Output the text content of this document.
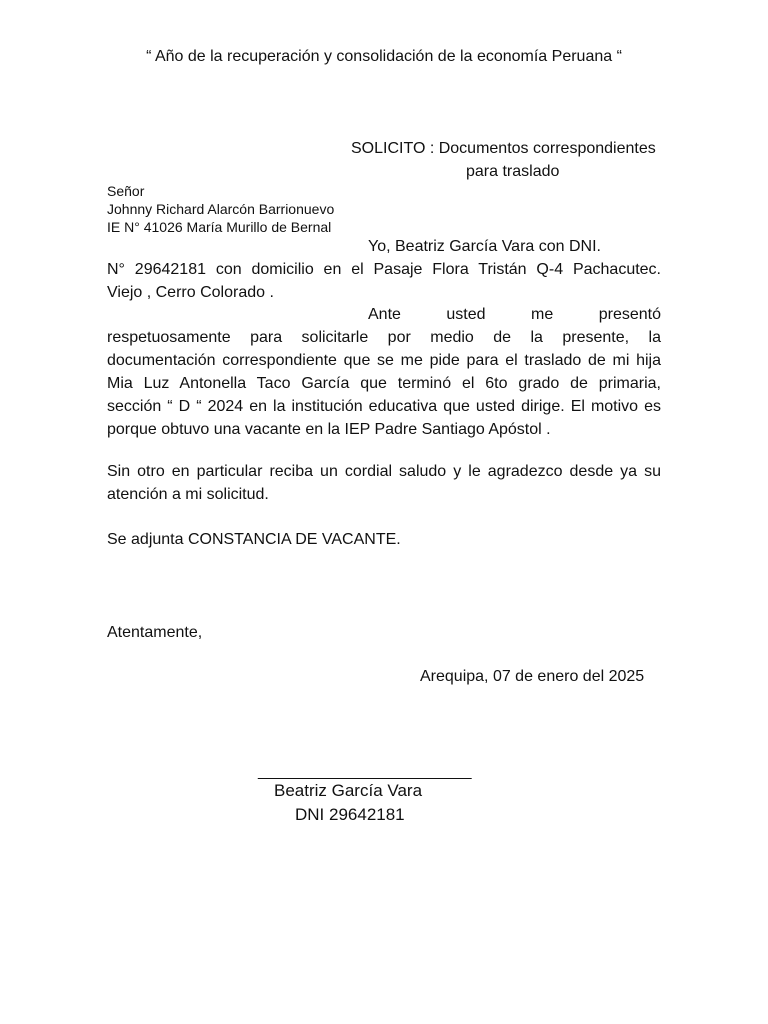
“ Año de la recuperación y consolidación de la economía Peruana “
SOLICITO : Documentos correspondientes
para traslado
Señor
Johnny Richard Alarcón Barrionuevo
IE N° 41026 María Murillo de Bernal
Yo, Beatriz García Vara con DNI.
N° 29642181 con domicilio en el Pasaje Flora Tristán Q-4 Pachacutec.
Viejo , Cerro Colorado .
Ante usted me presentó
respetuosamente para solicitarle por medio de la presente, la
documentación correspondiente que se me pide para el traslado de mi hija
Mia Luz Antonella Taco García que terminó el 6to grado de primaria,
sección “ D “ 2024 en la institución educativa que usted dirige. El motivo es
porque obtuvo una vacante en la IEP Padre Santiago Apóstol .
Sin otro en particular reciba un cordial saludo y le agradezco desde ya su
atención a mi solicitud.
Se adjunta CONSTANCIA DE VACANTE.
Atentamente,
Arequipa, 07 de enero del 2025
________________________
Beatriz García Vara
DNI 29642181
